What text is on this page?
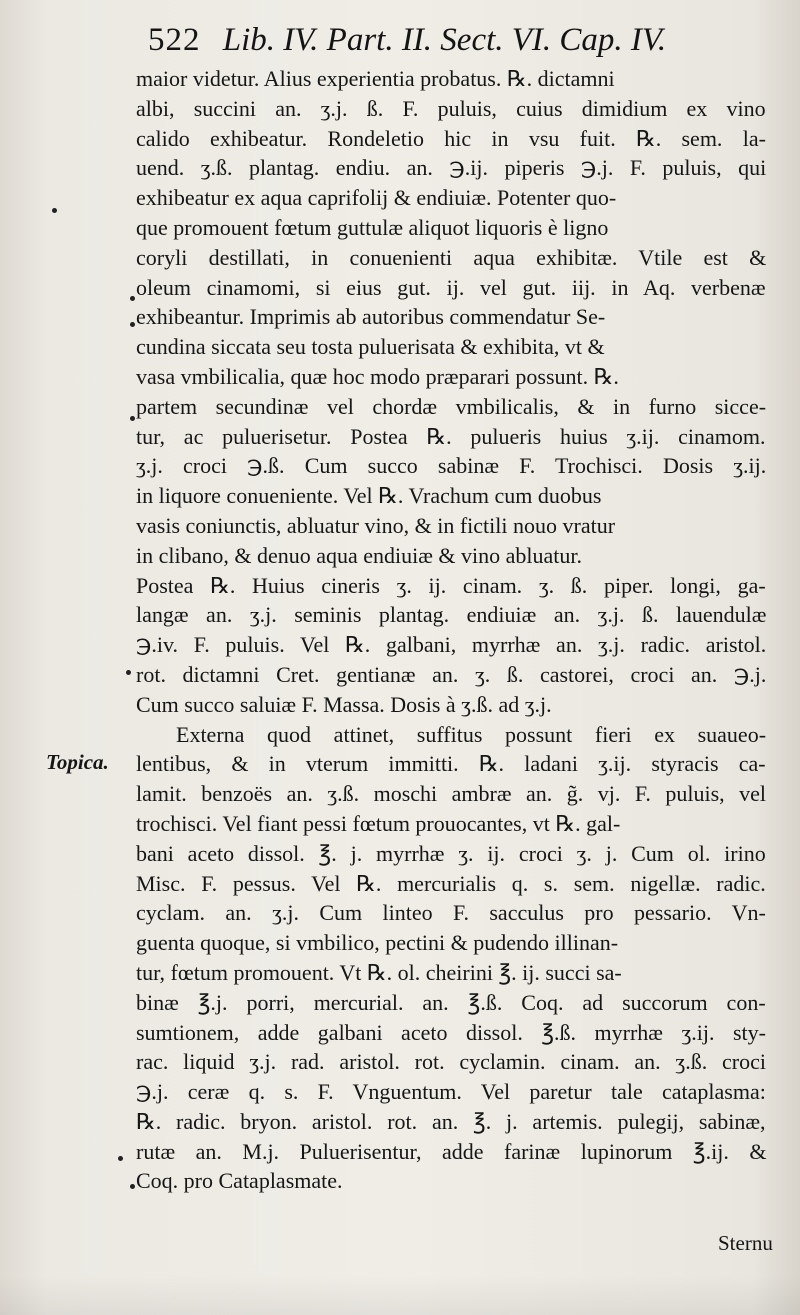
522 Lib. IV. Part. II. Sect. VI. Cap. IV.
Topica.
maior videtur. Alius experientia probatus. ℞. dictamni
albi, succini an. ʒ.j. ß. F. puluis, cuius dimidium ex vino
calido exhibeatur. Rondeletio hic in vsu fuit. ℞. sem. la-
uend. ʒ.ß. plantag. endiu. an. ℈.ij. piperis ℈.j. F. puluis, qui
exhibeatur ex aqua caprifolij & endiuiæ. Potenter quo-
que promouent fœtum guttulæ aliquot liquoris è ligno
coryli destillati, in conuenienti aqua exhibitæ. Vtile est &
oleum cinamomi, si eius gut. ij. vel gut. iij. in Aq. verbenæ
exhibeantur. Imprimis ab autoribus commendatur Se-
cundina siccata seu tosta puluerisata & exhibita, vt &
vasa vmbilicalia, quæ hoc modo præparari possunt. ℞.
partem secundinæ vel chordæ vmbilicalis, & in furno sicce-
tur, ac puluerisetur. Postea ℞. pulueris huius ʒ.ij. cinamom.
ʒ.j. croci ℈.ß. Cum succo sabinæ F. Trochisci. Dosis ʒ.ij.
in liquore conueniente. Vel ℞. Vrachum cum duobus
vasis coniunctis, abluatur vino, & in fictili nouo vratur
in clibano, & denuo aqua endiuiæ & vino abluatur.
Postea ℞. Huius cineris ʒ. ij. cinam. ʒ. ß. piper. longi, ga-
langæ an. ʒ.j. seminis plantag. endiuiæ an. ʒ.j. ß. lauendulæ
℈.iv. F. puluis. Vel ℞. galbani, myrrhæ an. ʒ.j. radic. aristol.
rot. dictamni Cret. gentianæ an. ʒ. ß. castorei, croci an. ℈.j.
Cum succo saluiæ F. Massa. Dosis à ʒ.ß. ad ʒ.j.
Externa quod attinet, suffitus possunt fieri ex suaueo-
lentibus, & in vterum immitti. ℞. ladani ʒ.ij. styracis ca-
lamit. benzoës an. ʒ.ß. moschi ambræ an. g̃. vj. F. puluis, vel
trochisci. Vel fiant pessi fœtum prouocantes, vt ℞. gal-
bani aceto dissol. ℥. j. myrrhæ ʒ. ij. croci ʒ. j. Cum ol. irino
Misc. F. pessus. Vel ℞. mercurialis q. s. sem. nigellæ. radic.
cyclam. an. ʒ.j. Cum linteo F. sacculus pro pessario. Vn-
guenta quoque, si vmbilico, pectini & pudendo illinan-
tur, fœtum promouent. Vt ℞. ol. cheirini ℥. ij. succi sa-
binæ ℥.j. porri, mercurial. an. ℥.ß. Coq. ad succorum con-
sumtionem, adde galbani aceto dissol. ℥.ß. myrrhæ ʒ.ij. sty-
rac. liquid ʒ.j. rad. aristol. rot. cyclamin. cinam. an. ʒ.ß. croci
℈.j. ceræ q. s. F. Vnguentum. Vel paretur tale cataplasma:
℞. radic. bryon. aristol. rot. an. ℥. j. artemis. pulegij, sabinæ,
rutæ an. M.j. Puluerisentur, adde farinæ lupinorum ℥.ij. &
Coq. pro Cataplasmate.
Sternu
